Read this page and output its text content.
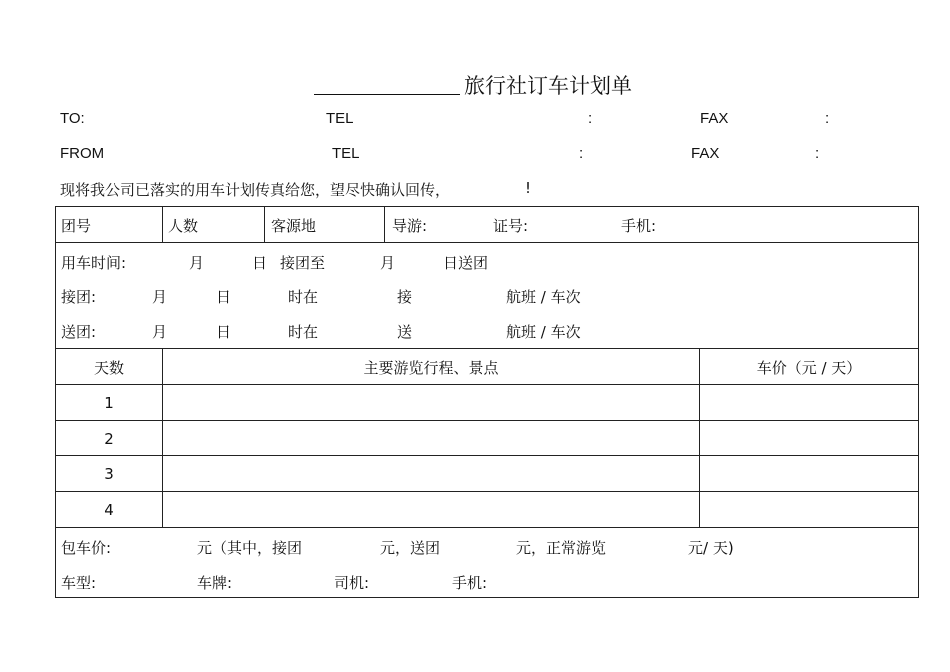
旅行社订车计划单
TO:	TEL	:	FAX	:
FROM	TEL	:	FAX	:
现将我公司已落实的用车计划传真给您，望尽快确认回传，	!
团号	人数	客源地	导游:	证号:	手机:
用车时间:	月	日 接团至	月	日送团
接团:	月	日	时在	接	航班 / 车次
送团:	月	日	时在	送	航班 / 车次
天数	主要游览行程、景点	车价（元 / 天）
1
2
3
4
包车价:	元（其中，接团	元，送团	元，正常游览	元/ 天)
车型:	车牌:	司机:	手机:
